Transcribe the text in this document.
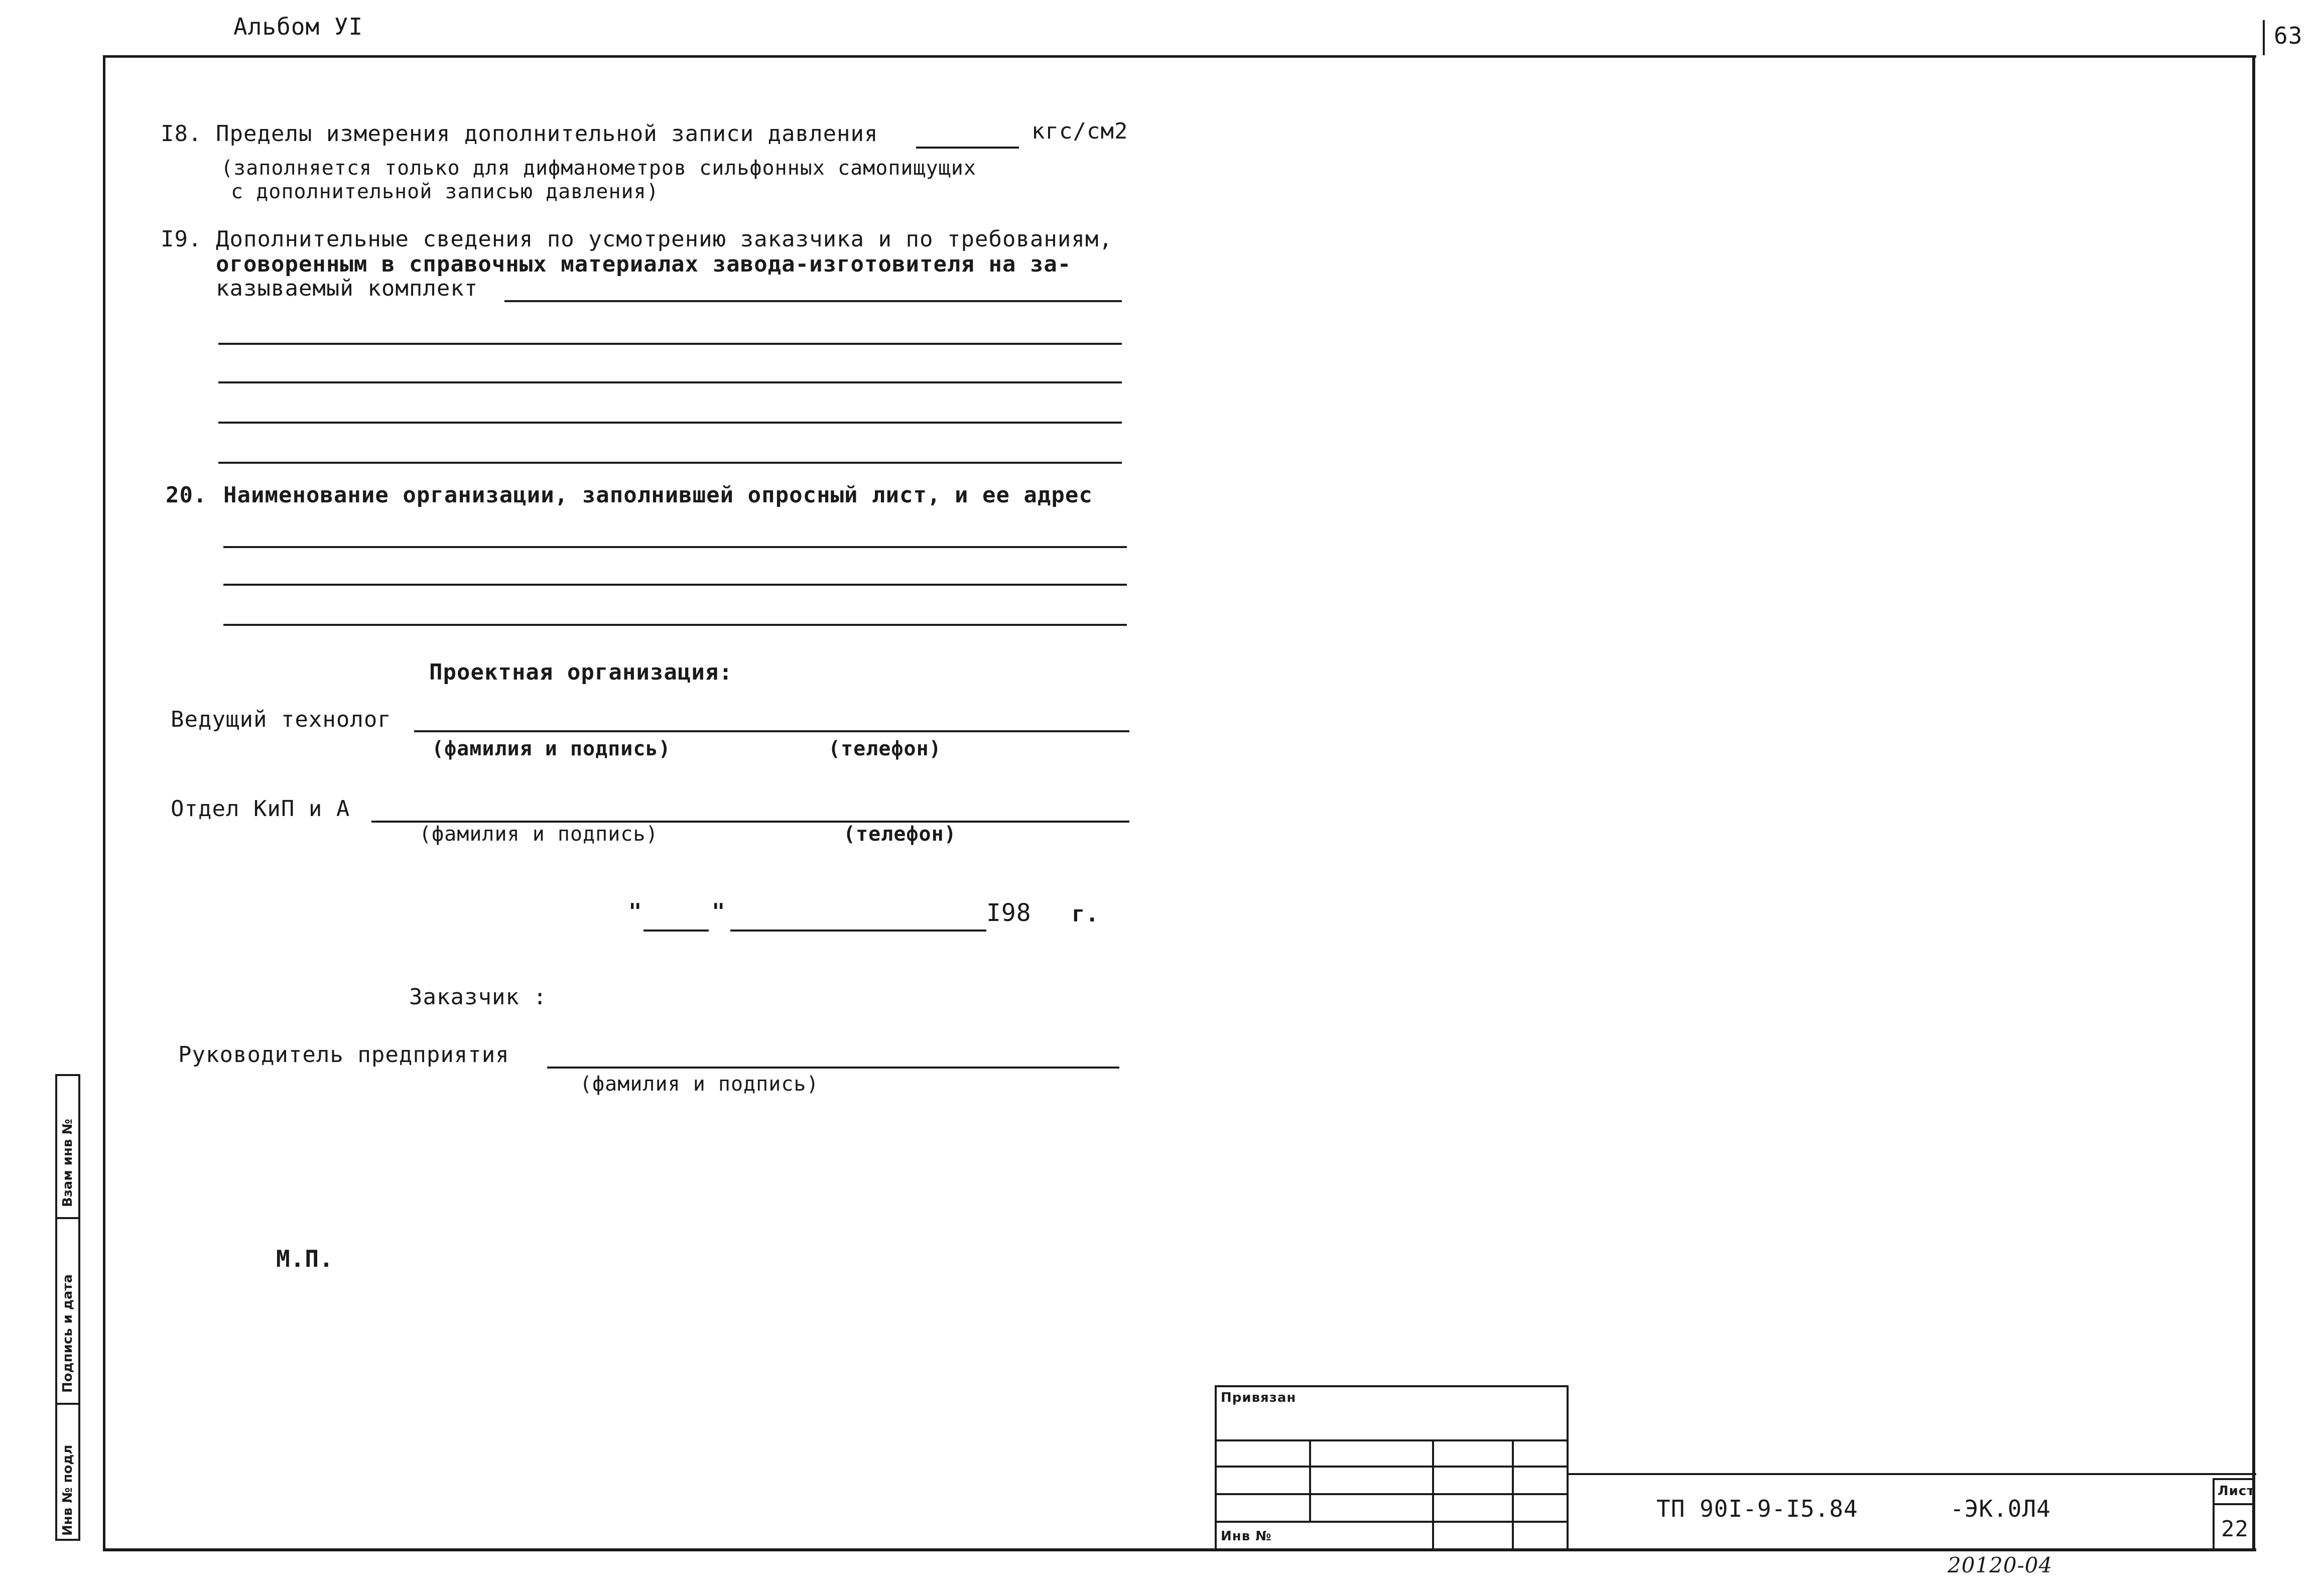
Альбом УI	63
I8. Пределы измерения дополнительной записи давления	кгс/см2
(заполняется только для дифманометров сильфонных самопищущих
с дополнительной записью давления)
I9. Дополнительные сведения по усмотрению заказчика и по требованиям,
оговоренным в справочных материалах завода-изготовителя на за-
казываемый комплект
20. Наименование организации, заполнившей опросный лист, и ее адрес
Проектная организация:
Ведущий технолог
(фамилия и подпись)	(телефон)
Отдел КиП и А
(фамилия и подпись)	(телефон)
"	"	I98 г.
Заказчик :
Руководитель предприятия
(фамилия и подпись)
М.П.
Взам инв №
Подпись и дата
Инв № подл
Привязан
Инв №
ТП 90I-9-I5.84	-ЭК.0Л4
Лист
22
20120-04
